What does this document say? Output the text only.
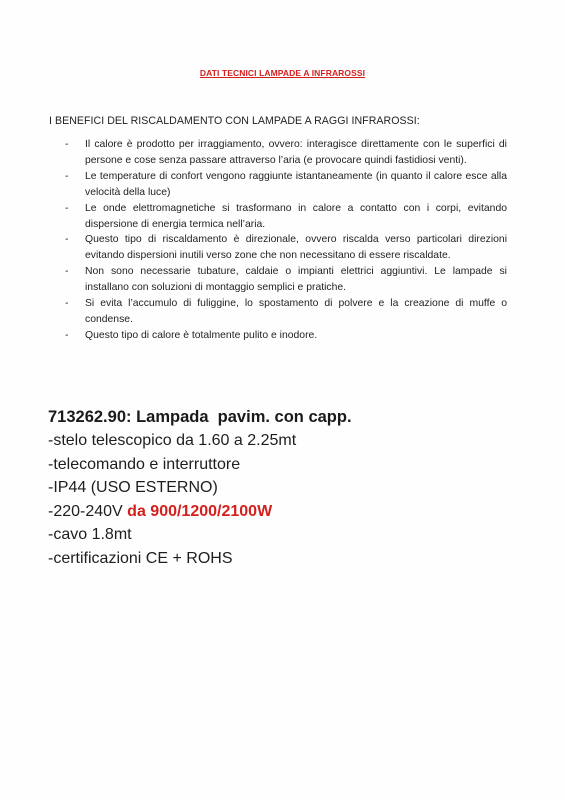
DATI TECNICI LAMPADE A INFRAROSSI
I BENEFICI DEL RISCALDAMENTO CON LAMPADE A RAGGI INFRAROSSI:
- Il calore è prodotto per irraggiamento, ovvero: interagisce direttamente con le superfici di persone e cose senza passare attraverso l’aria (e provocare quindi fastidiosi venti).
- Le temperature di confort vengono raggiunte istantaneamente (in quanto il calore esce alla velocità della luce)
- Le onde elettromagnetiche si trasformano in calore a contatto con i corpi, evitando dispersione di energia termica nell’aria.
- Questo tipo di riscaldamento è direzionale, ovvero riscalda verso particolari direzioni evitando dispersioni inutili verso zone che non necessitano di essere riscaldate.
- Non sono necessarie tubature, caldaie o impianti elettrici aggiuntivi. Le lampade si installano con soluzioni di montaggio semplici e pratiche.
- Si evita l’accumulo di fuliggine, lo spostamento di polvere e la creazione di muffe o condense.
- Questo tipo di calore è totalmente pulito e inodore.
713262.90: Lampada  pavim. con capp.
-stelo telescopico da 1.60 a 2.25mt
-telecomando e interruttore
-IP44 (USO ESTERNO)
-220-240V da 900/1200/2100W
-cavo 1.8mt
-certificazioni CE + ROHS
